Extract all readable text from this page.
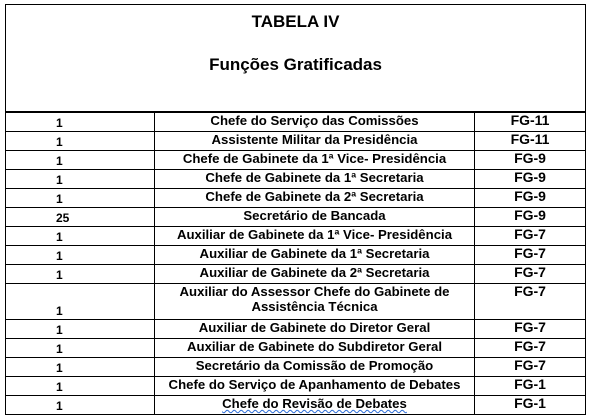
TABELA IV
Funções Gratificadas		

1	Chefe do Serviço das Comissões	FG-11
1	Assistente Militar da Presidência	FG-11
1	Chefe de Gabinete da 1ª Vice- Presidência	FG-9
1	Chefe de Gabinete da 1ª Secretaria	FG-9
1	Chefe de Gabinete da 2ª Secretaria	FG-9
25	Secretário de Bancada	FG-9
1	Auxiliar de Gabinete da 1ª Vice- Presidência	FG-7
1	Auxiliar de Gabinete da 1ª Secretaria	FG-7
1	Auxiliar de Gabinete da 2ª Secretaria	FG-7
1	Auxiliar do Assessor Chefe do Gabinete de Assistência Técnica	FG-7
1	Auxiliar de Gabinete do Diretor Geral	FG-7
1	Auxiliar de Gabinete do Subdiretor Geral	FG-7
1	Secretário da Comissão de Promoção	FG-7
1	Chefe do Serviço de Apanhamento de Debates	FG-1
1	Chefe do Revisão de Debates	FG-1
